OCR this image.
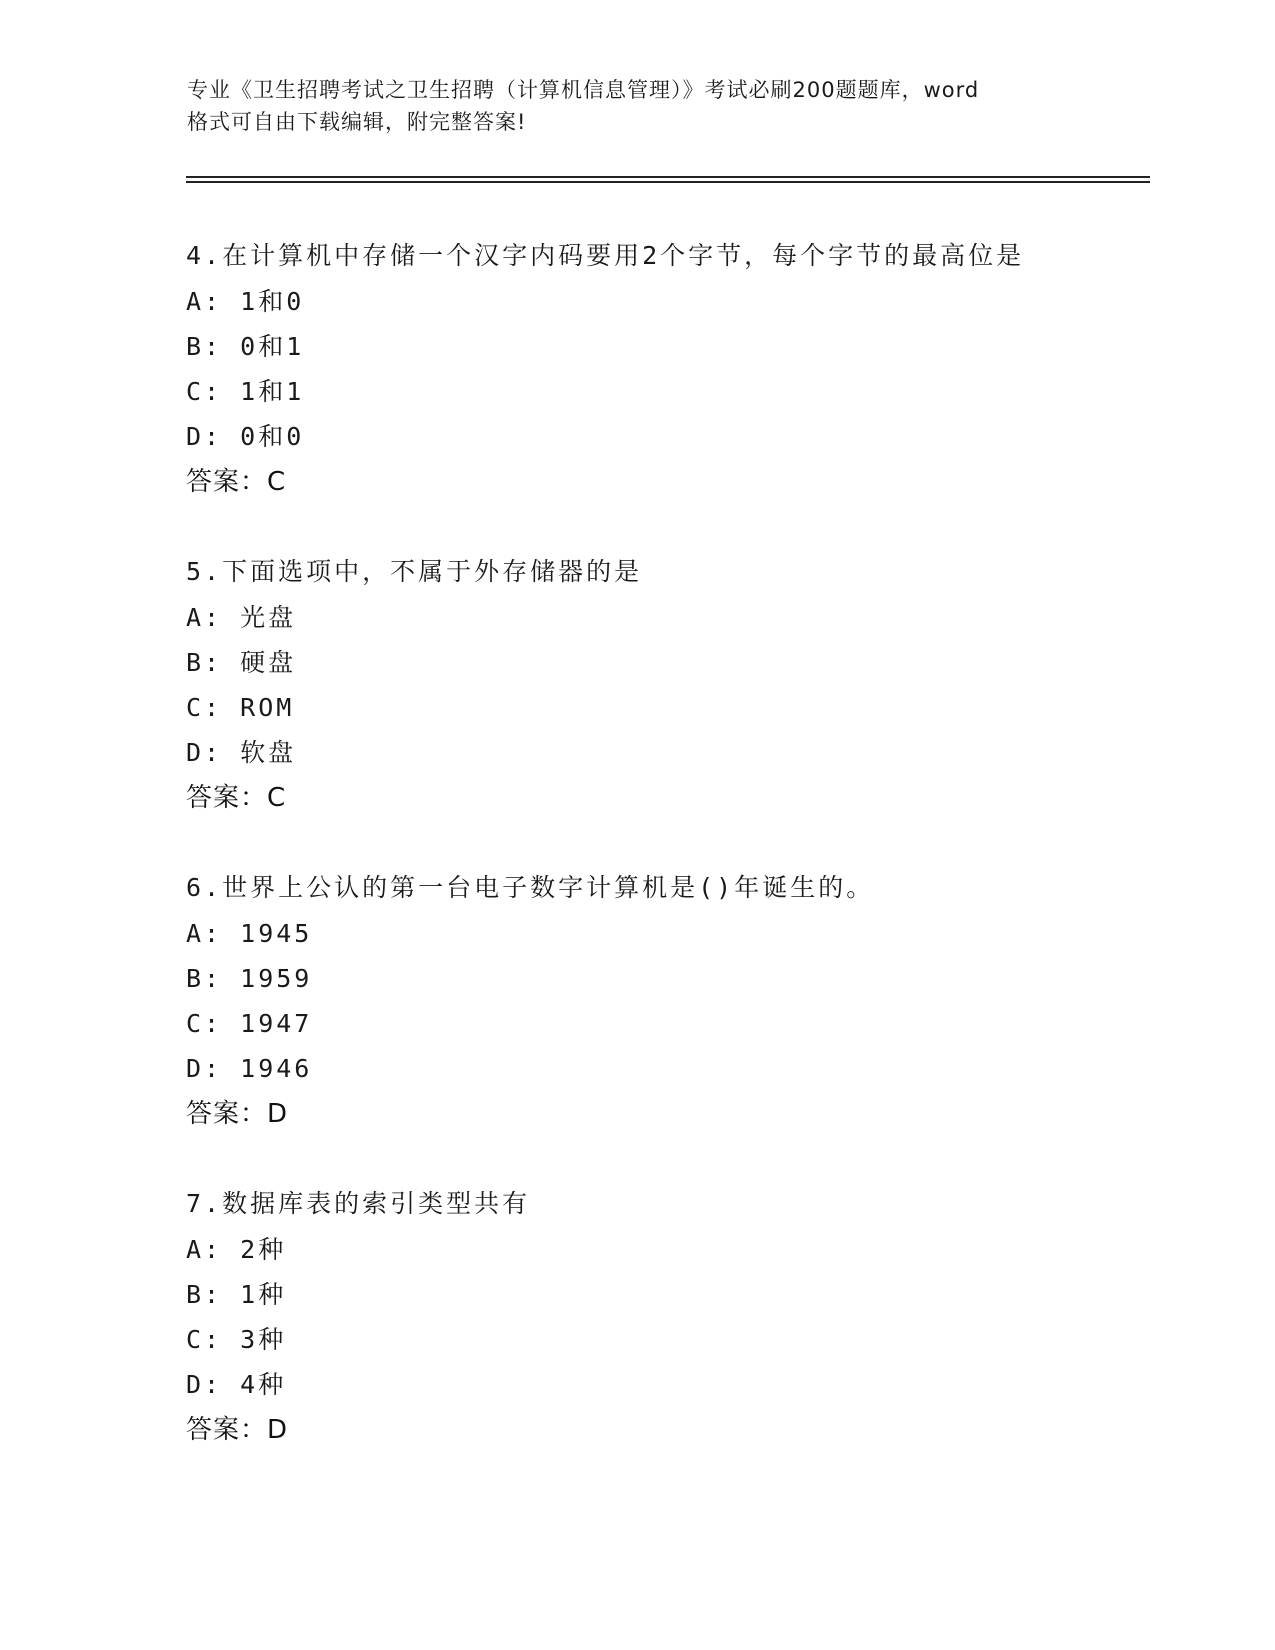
专业《卫生招聘考试之卫生招聘（计算机信息管理）》考试必刷200题题库，word
格式可自由下载编辑，附完整答案!
4.在计算机中存储一个汉字内码要用2个字节，每个字节的最高位是
A: 1和0
B: 0和1
C: 1和1
D: 0和0
答案：C
5.下面选项中，不属于外存储器的是
A: 光盘
B: 硬盘
C: ROM
D: 软盘
答案：C
6.世界上公认的第一台电子数字计算机是()年诞生的。
A: 1945
B: 1959
C: 1947
D: 1946
答案：D
7.数据库表的索引类型共有
A: 2种
B: 1种
C: 3种
D: 4种
答案：D
